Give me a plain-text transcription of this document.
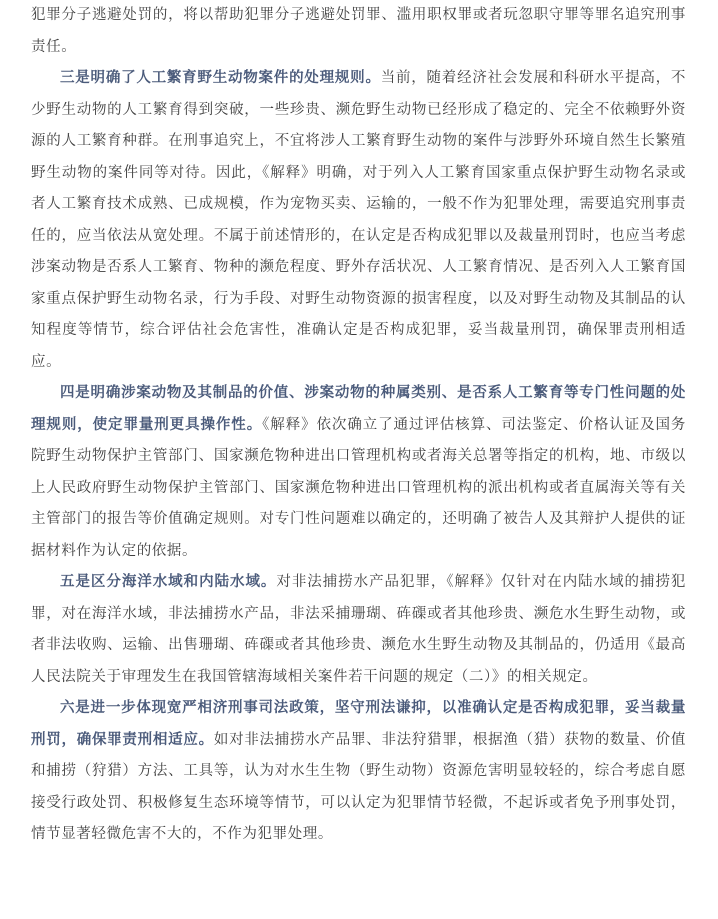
犯罪分子逃避处罚的，将以帮助犯罪分子逃避处罚罪、滥用职权罪或者玩忽职守罪等罪名追究刑事责任。

三是明确了人工繁育野生动物案件的处理规则。当前，随着经济社会发展和科研水平提高，不少野生动物的人工繁育得到突破，一些珍贵、濒危野生动物已经形成了稳定的、完全不依赖野外资源的人工繁育种群。在刑事追究上，不宜将涉人工繁育野生动物的案件与涉野外环境自然生长繁殖野生动物的案件同等对待。因此，《解释》明确，对于列入人工繁育国家重点保护野生动物名录或者人工繁育技术成熟、已成规模，作为宠物买卖、运输的，一般不作为犯罪处理，需要追究刑事责任的，应当依法从宽处理。不属于前述情形的，在认定是否构成犯罪以及裁量刑罚时，也应当考虑涉案动物是否系人工繁育、物种的濒危程度、野外存活状况、人工繁育情况、是否列入人工繁育国家重点保护野生动物名录，行为手段、对野生动物资源的损害程度，以及对野生动物及其制品的认知程度等情节，综合评估社会危害性，准确认定是否构成犯罪，妥当裁量刑罚，确保罪责刑相适应。

四是明确涉案动物及其制品的价值、涉案动物的种属类别、是否系人工繁育等专门性问题的处理规则，使定罪量刑更具操作性。《解释》依次确立了通过评估核算、司法鉴定、价格认证及国务院野生动物保护主管部门、国家濒危物种进出口管理机构或者海关总署等指定的机构，地、市级以上人民政府野生动物保护主管部门、国家濒危物种进出口管理机构的派出机构或者直属海关等有关主管部门的报告等价值确定规则。对专门性问题难以确定的，还明确了被告人及其辩护人提供的证据材料作为认定的依据。

五是区分海洋水域和内陆水域。对非法捕捞水产品犯罪，《解释》仅针对在内陆水域的捕捞犯罪，对在海洋水域，非法捕捞水产品，非法采捕珊瑚、砗磲或者其他珍贵、濒危水生野生动物，或者非法收购、运输、出售珊瑚、砗磲或者其他珍贵、濒危水生野生动物及其制品的，仍适用《最高人民法院关于审理发生在我国管辖海域相关案件若干问题的规定（二）》的相关规定。

六是进一步体现宽严相济刑事司法政策，坚守刑法谦抑，以准确认定是否构成犯罪，妥当裁量刑罚，确保罪责刑相适应。如对非法捕捞水产品罪、非法狩猎罪，根据渔（猎）获物的数量、价值和捕捞（狩猎）方法、工具等，认为对水生生物（野生动物）资源危害明显较轻的，综合考虑自愿接受行政处罚、积极修复生态环境等情节，可以认定为犯罪情节轻微，不起诉或者免予刑事处罚，情节显著轻微危害不大的，不作为犯罪处理。
